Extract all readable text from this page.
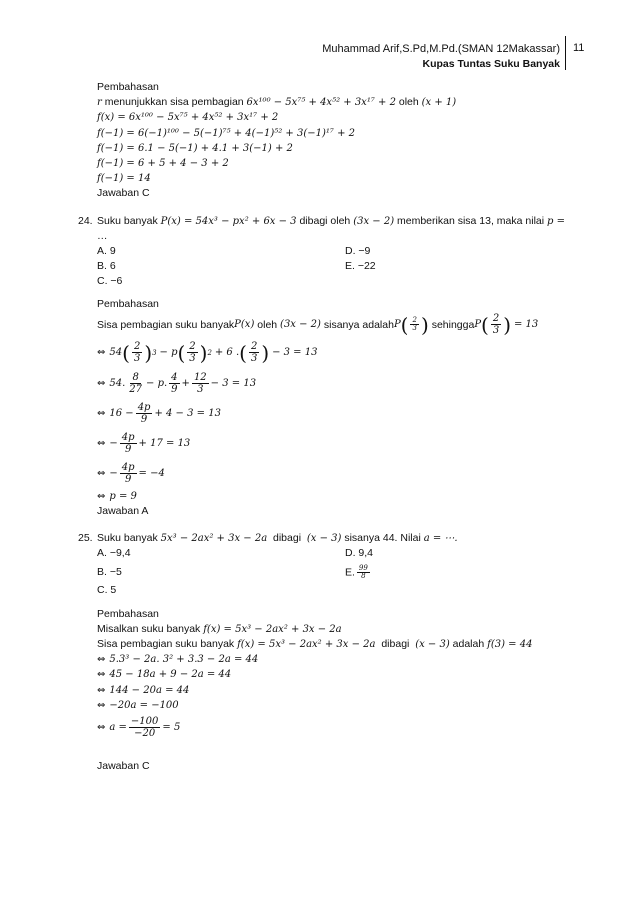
Muhammad Arif,S.Pd,M.Pd.(SMAN 12Makassar)
Kupas Tuntas Suku Banyak
11
Pembahasan
r menunjukkan sisa pembagian 6x¹⁰⁰ − 5x⁷⁵ + 4x⁵² + 3x¹⁷ + 2 oleh (x + 1)
f(x) = 6x¹⁰⁰ − 5x⁷⁵ + 4x⁵² + 3x¹⁷ + 2
f(−1) = 6(−1)¹⁰⁰ − 5(−1)⁷⁵ + 4(−1)⁵² + 3(−1)¹⁷ + 2
f(−1) = 6.1 − 5(−1) + 4.1 + 3(−1) + 2
f(−1) = 6 + 5 + 4 − 3 + 2
f(−1) = 14
Jawaban C
24. Suku banyak P(x) = 54x³ − px² + 6x − 3 dibagi oleh (3x − 2) memberikan sisa 13, maka nilai p =
…
A. 9	D. −9
B. 6	E. −22
C. −6
Pembahasan
Sisa pembagian suku banyak P(x)
oleh
(3x − 2)
sisanya adalah P ( $\frac{2}{3}$ )
sehingga P ( $\frac{2}{3}$ )
= 13
⇔ 54 ( $\frac{2}{3}$ ) 3
− p ( $\frac{2}{3}$ ) 2
+ 6 . ( $\frac{2}{3}$ )
− 3 = 13
⇔ 54. $\frac{8}{27} - p$. $\frac{4}{9} + \frac{12}{3} - 3 = 13$
⇔ $16 - \frac{4p}{9} + 4 - 3 = 13$
⇔ − $\frac{4p}{9} + 17 = 13$
⇔ − $\frac{4p}{9} = -4$
⇔ p = 9
Jawaban A
25. Suku banyak 5x³ − 2ax² + 3x − 2a  dibagi  (x − 3) sisanya 44. Nilai a = ⋯.
A. −9,4	D. 9,4
B. −5	E. $\frac{99}{8}$
C. 5
Pembahasan
Misalkan suku banyak f(x) = 5x³ − 2ax² + 3x − 2a
Sisa pembagian suku banyak f(x) = 5x³ − 2ax² + 3x − 2a  dibagi  (x − 3) adalah f(3) = 44
⇔ 5.3³ − 2a. 3² + 3.3 − 2a = 44
⇔ 45 − 18a + 9 − 2a = 44
⇔ 144 − 20a = 44
⇔ −20a = −100
⇔ $a = \frac{-100}{-20} = 5$
Jawaban C
